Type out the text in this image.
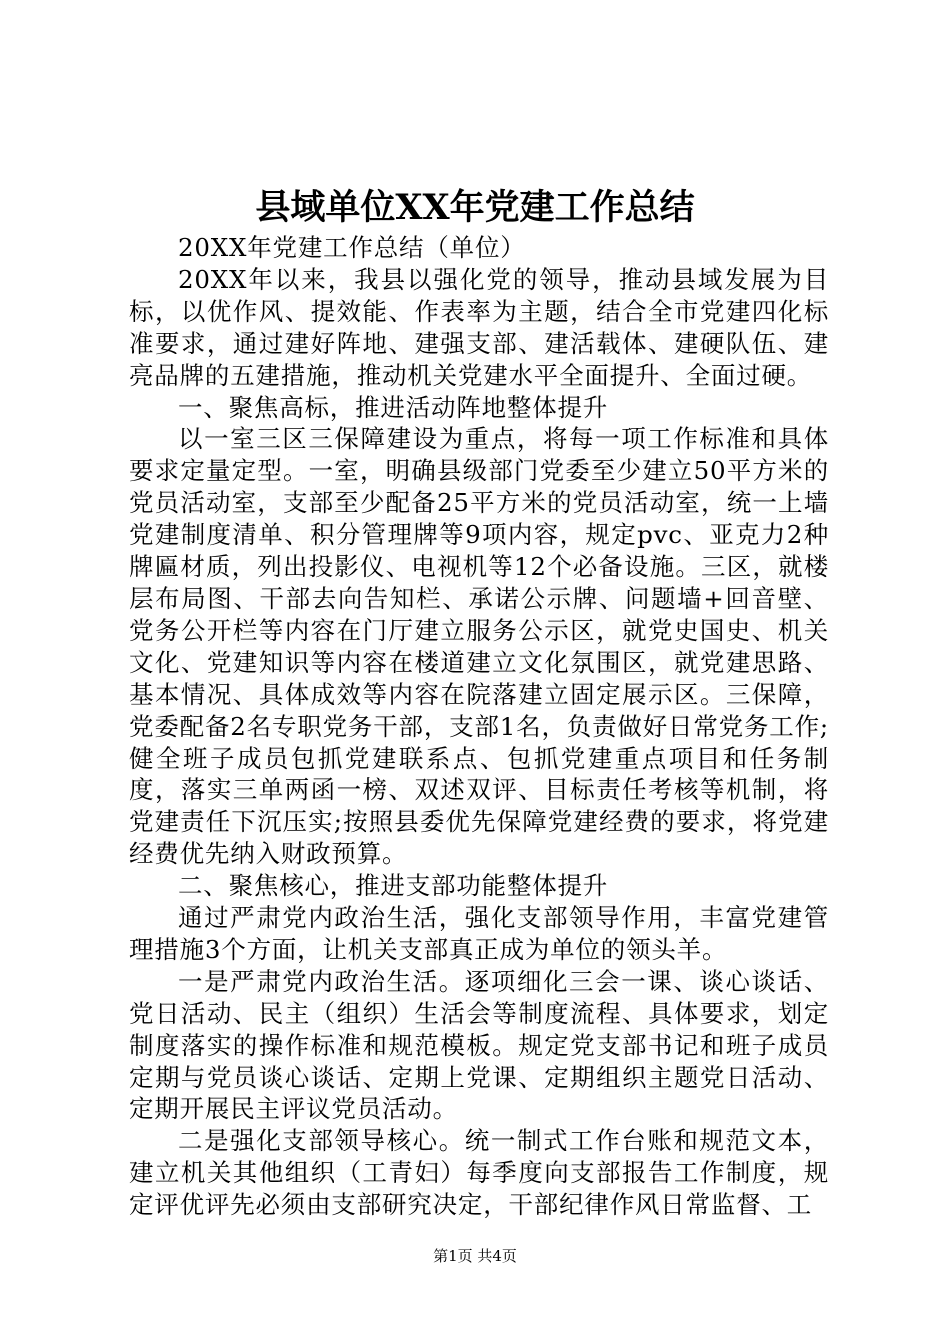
县域单位XX年党建工作总结

20XX年党建工作总结（单位）

20XX年以来，我县以强化党的领导，推动县域发展为目标，以优作风、提效能、作表率为主题，结合全市党建四化标准要求，通过建好阵地、建强支部、建活载体、建硬队伍、建亮品牌的五建措施，推动机关党建水平全面提升、全面过硬。

一、聚焦高标，推进活动阵地整体提升

以一室三区三保障建设为重点，将每一项工作标准和具体要求定量定型。一室，明确县级部门党委至少建立50平方米的党员活动室，支部至少配备25平方米的党员活动室，统一上墙党建制度清单、积分管理牌等9项内容，规定pvc、亚克力2种牌匾材质，列出投影仪、电视机等12个必备设施。三区，就楼层布局图、干部去向告知栏、承诺公示牌、问题墙+回音壁、党务公开栏等内容在门厅建立服务公示区，就党史国史、机关文化、党建知识等内容在楼道建立文化氛围区，就党建思路、基本情况、具体成效等内容在院落建立固定展示区。三保障，党委配备2名专职党务干部，支部1名，负责做好日常党务工作;健全班子成员包抓党建联系点、包抓党建重点项目和任务制度，落实三单两函一榜、双述双评、目标责任考核等机制，将党建责任下沉压实;按照县委优先保障党建经费的要求，将党建经费优先纳入财政预算。

二、聚焦核心，推进支部功能整体提升

通过严肃党内政治生活，强化支部领导作用，丰富党建管理措施3个方面，让机关支部真正成为单位的领头羊。

一是严肃党内政治生活。逐项细化三会一课、谈心谈话、党日活动、民主（组织）生活会等制度流程、具体要求，划定制度落实的操作标准和规范模板。规定党支部书记和班子成员定期与党员谈心谈话、定期上党课、定期组织主题党日活动、定期开展民主评议党员活动。

二是强化支部领导核心。统一制式工作台账和规范文本，建立机关其他组织（工青妇）每季度向支部报告工作制度，规定评优评先必须由支部研究决定，干部纪律作风日常监督、工

第1页 共4页
